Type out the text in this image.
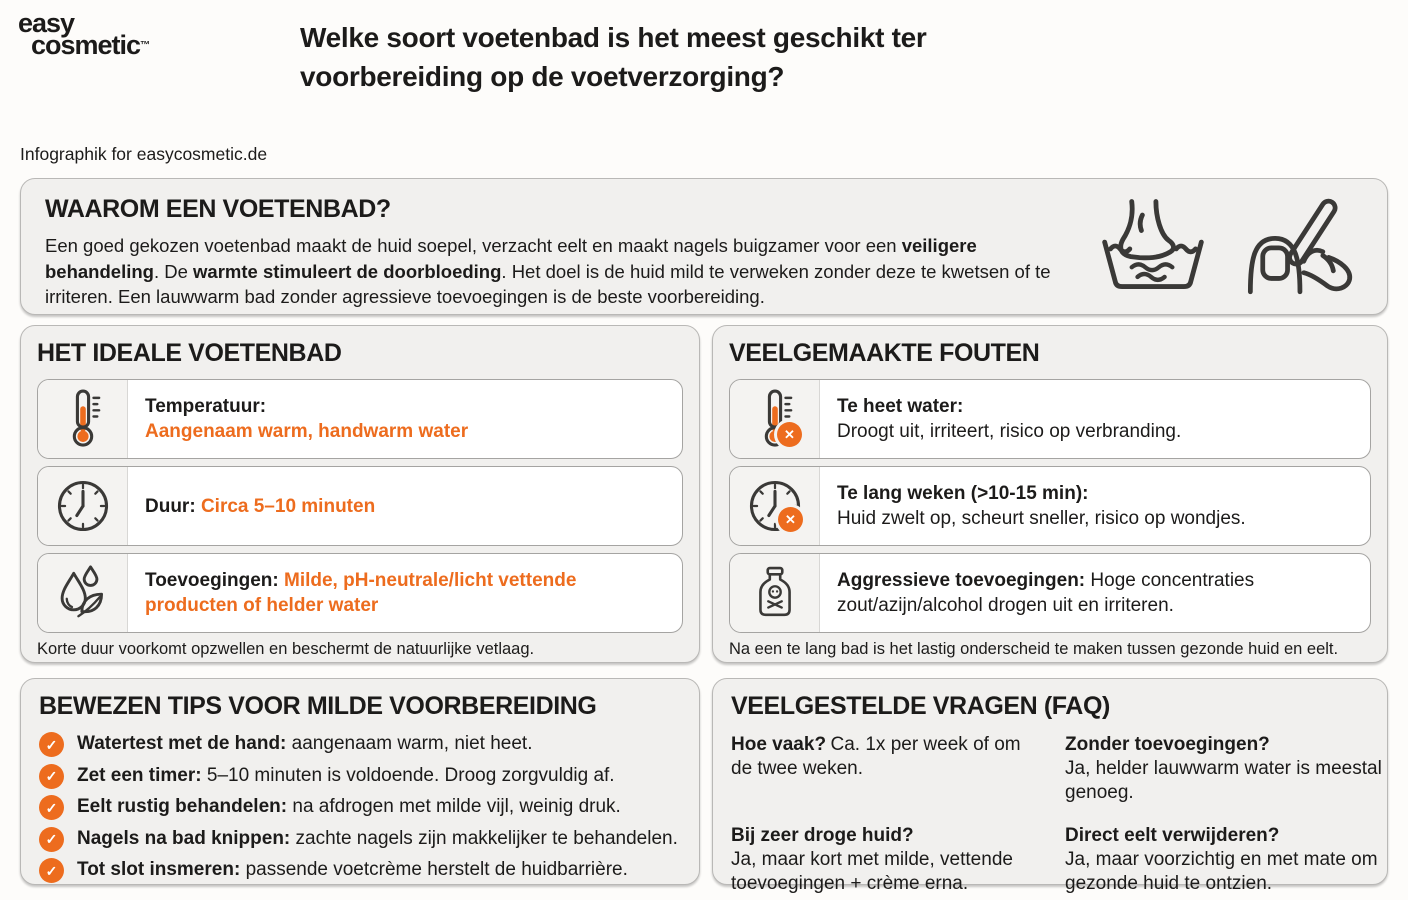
easy
cosmetic™	Welke soort voetenbad is het meest geschikt ter voorbereiding op de voetverzorging?
Infographik for easycosmetic.de
WAAROM EEN VOETENBAD?

Een goed gekozen voetenbad maakt de huid soepel, verzacht eelt en maakt nagels buigzamer voor een veiligere behandeling. De warmte stimuleert de doorbloeding. Het doel is de huid mild te verweken zonder deze te kwetsen of te irriteren. Een lauwwarm bad zonder agressieve toevoegingen is de beste voorbereiding.

HET IDEALE VOETENBAD
Temperatuur:
Aangenaam warm, handwarm water
Duur: Circa 5–10 minuten
Toevoegingen: Milde, pH-neutrale/licht vettende producten of helder water
Korte duur voorkomt opzwellen en beschermt de natuurlijke vetlaag.
VEELGEMAAKTE FOUTEN
✕
Te heet water:
Droogt uit, irriteert, risico op verbranding.
✕
Te lang weken (>10-15 min):
Huid zwelt op, scheurt sneller, risico op wondjes.
Aggressieve toevoegingen: Hoge concentraties zout/azijn/alcohol drogen uit en irriteren.
Na een te lang bad is het lastig onderscheid te maken tussen gezonde huid en eelt.
BEWEZEN TIPS VOOR MILDE VOORBEREIDING
✓	Watertest met de hand: aangenaam warm, niet heet.
✓	Zet een timer: 5–10 minuten is voldoende. Droog zorgvuldig af.
✓	Eelt rustig behandelen: na afdrogen met milde vijl, weinig druk.
✓	Nagels na bad knippen: zachte nagels zijn makkelijker te behandelen.
✓	Tot slot insmeren: passende voetcrème herstelt de huidbarrière.
VEELGESTELDE VRAGEN (FAQ)
Hoe vaak? Ca. 1x per week of om de twee weken.
Zonder toevoegingen?
Ja, helder lauwwarm water is meestal genoeg.
Bij zeer droge huid?
Ja, maar kort met milde, vettende toevoegingen + crème erna.
Direct eelt verwijderen?
Ja, maar voorzichtig en met mate om gezonde huid te ontzien.
